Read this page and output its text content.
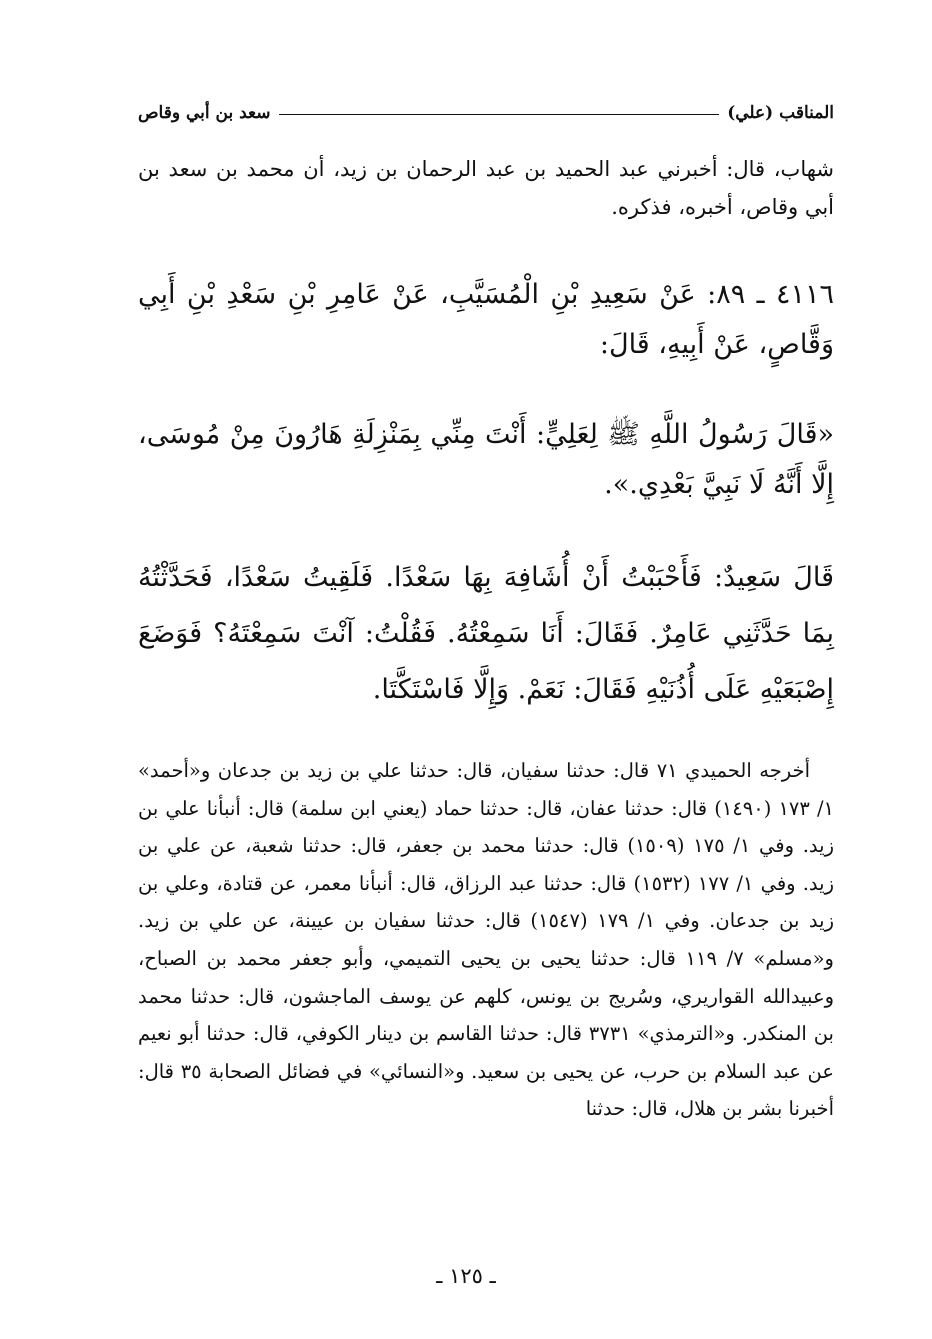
المناقب (علي)
سعد بن أبي وقاص

شهاب، قال: أخبرني عبد الحميد بن عبد الرحمان بن زيد، أن محمد بن سعد بن أبي وقاص، أخبره، فذكره.

٤١١٦ ـ ٨٩: عَنْ سَعِيدِ بْنِ الْمُسَيَّبِ، عَنْ عَامِرِ بْنِ سَعْدِ بْنِ أَبِي وَقَّاصٍ، عَنْ أَبِيهِ، قَالَ:

«قَالَ رَسُولُ اللَّهِ ﷺ لِعَلِيٍّ: أَنْتَ مِنِّي بِمَنْزِلَةِ هَارُونَ مِنْ مُوسَى، إِلَّا أَنَّهُ لَا نَبِيَّ بَعْدِي.».

قَالَ سَعِيدٌ: فَأَحْبَبْتُ أَنْ أُشَافِهَ بِهَا سَعْدًا. فَلَقِيتُ سَعْدًا، فَحَدَّثْتُهُ بِمَا حَدَّثَنِي عَامِرٌ. فَقَالَ: أَنَا سَمِعْتُهُ. فَقُلْتُ: آنْتَ سَمِعْتَهُ؟ فَوَضَعَ إِصْبَعَيْهِ عَلَى أُذُنَيْهِ فَقَالَ: نَعَمْ. وَإِلَّا فَاسْتَكَّتَا.

أخرجه الحميدي ٧١ قال: حدثنا سفيان، قال: حدثنا علي بن زيد بن جدعان و«أحمد» ١/ ١٧٣ (١٤٩٠) قال: حدثنا عفان، قال: حدثنا حماد (يعني ابن سلمة) قال: أنبأنا علي بن زيد. وفي ١/ ١٧٥ (١٥٠٩) قال: حدثنا محمد بن جعفر، قال: حدثنا شعبة، عن علي بن زيد. وفي ١/ ١٧٧ (١٥٣٢) قال: حدثنا عبد الرزاق، قال: أنبأنا معمر، عن قتادة، وعلي بن زيد بن جدعان. وفي ١/ ١٧٩ (١٥٤٧) قال: حدثنا سفيان بن عيينة، عن علي بن زيد. و«مسلم» ٧/ ١١٩ قال: حدثنا يحيى بن يحيى التميمي، وأبو جعفر محمد بن الصباح، وعبيدالله القواريري، وسُريج بن يونس، كلهم عن يوسف الماجشون، قال: حدثنا محمد بن المنكدر. و«الترمذي» ٣٧٣١ قال: حدثنا القاسم بن دينار الكوفي، قال: حدثنا أبو نعيم عن عبد السلام بن حرب، عن يحيى بن سعيد. و«النسائي» في فضائل الصحابة ٣٥ قال: أخبرنا بشر بن هلال، قال: حدثنا

ـ ١٢٥ ـ
